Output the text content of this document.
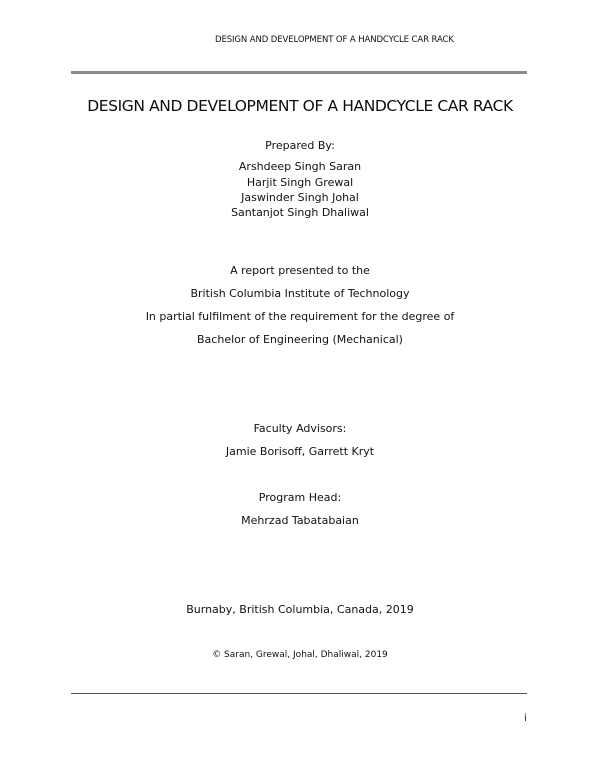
DESIGN AND DEVELOPMENT OF A HANDCYCLE CAR RACK
DESIGN AND DEVELOPMENT OF A HANDCYCLE CAR RACK
Prepared By:
Arshdeep Singh Saran
Harjit Singh Grewal
Jaswinder Singh Johal
Santanjot Singh Dhaliwal
A report presented to the
British Columbia Institute of Technology
In partial fulfilment of the requirement for the degree of
Bachelor of Engineering (Mechanical)
Faculty Advisors:
Jamie Borisoff, Garrett Kryt
Program Head:
Mehrzad Tabatabaian
Burnaby, British Columbia, Canada, 2019
© Saran, Grewal, Johal, Dhaliwal, 2019
i
